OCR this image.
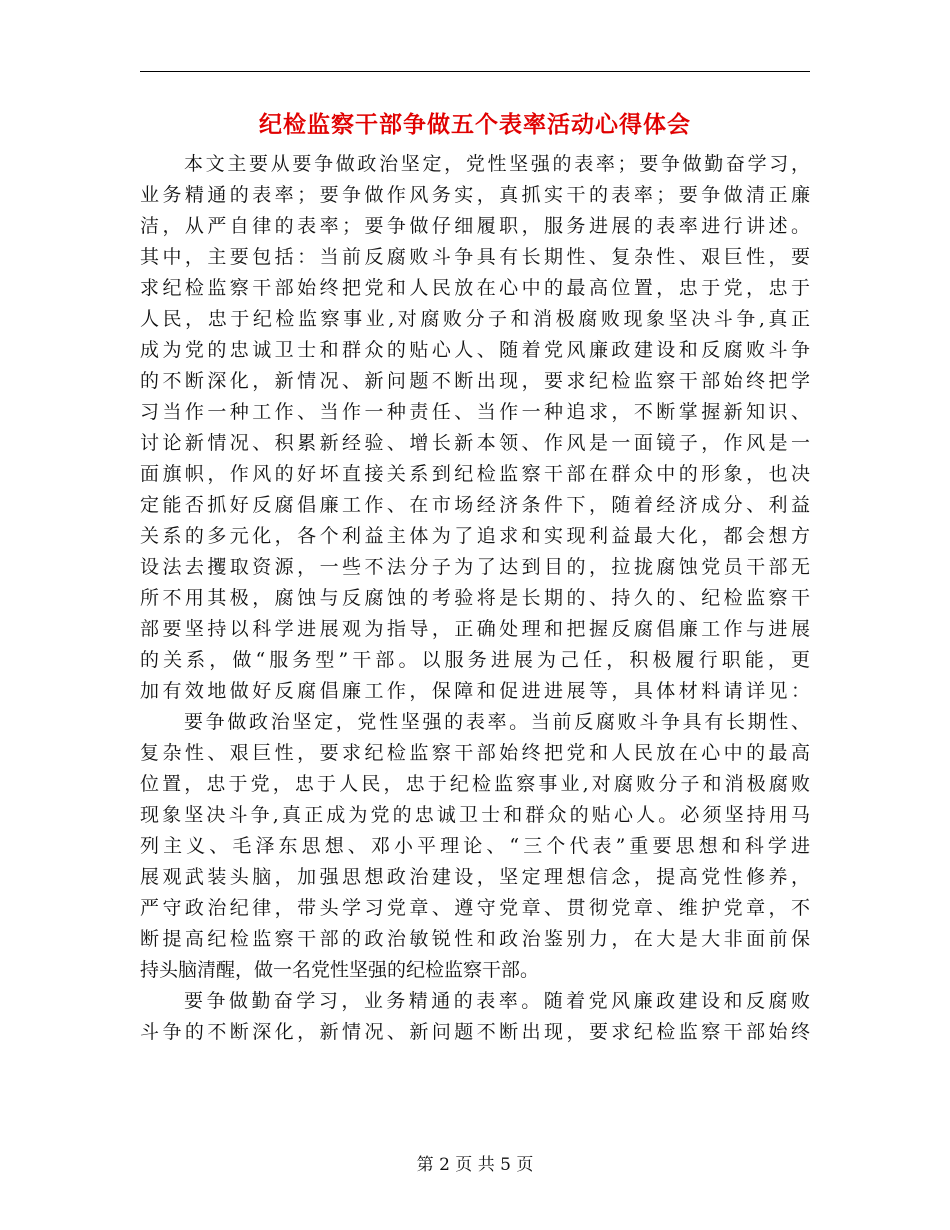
纪检监察干部争做五个表率活动心得体会
本文主要从要争做政治坚定，党性坚强的表率；要争做勤奋学习，
业务精通的表率；要争做作风务实，真抓实干的表率；要争做清正廉
洁，从严自律的表率；要争做仔细履职，服务进展的表率进行讲述。
其中，主要包括：当前反腐败斗争具有长期性、复杂性、艰巨性，要
求纪检监察干部始终把党和人民放在心中的最高位置，忠于党，忠于
人民，忠于纪检监察事业,对腐败分子和消极腐败现象坚决斗争,真正
成为党的忠诚卫士和群众的贴心人、随着党风廉政建设和反腐败斗争
的不断深化，新情况、新问题不断出现，要求纪检监察干部始终把学
习当作一种工作、当作一种责任、当作一种追求，不断掌握新知识、
讨论新情况、积累新经验、增长新本领、作风是一面镜子，作风是一
面旗帜，作风的好坏直接关系到纪检监察干部在群众中的形象，也决
定能否抓好反腐倡廉工作、在市场经济条件下，随着经济成分、利益
关系的多元化，各个利益主体为了追求和实现利益最大化，都会想方
设法去攫取资源，一些不法分子为了达到目的，拉拢腐蚀党员干部无
所不用其极，腐蚀与反腐蚀的考验将是长期的、持久的、纪检监察干
部要坚持以科学进展观为指导，正确处理和把握反腐倡廉工作与进展
的关系，做“服务型”干部。以服务进展为己任，积极履行职能，更
加有效地做好反腐倡廉工作，保障和促进进展等，具体材料请详见：
要争做政治坚定，党性坚强的表率。当前反腐败斗争具有长期性、
复杂性、艰巨性，要求纪检监察干部始终把党和人民放在心中的最高
位置，忠于党，忠于人民，忠于纪检监察事业,对腐败分子和消极腐败
现象坚决斗争,真正成为党的忠诚卫士和群众的贴心人。必须坚持用马
列主义、毛泽东思想、邓小平理论、“三个代表”重要思想和科学进
展观武装头脑，加强思想政治建设，坚定理想信念，提高党性修养，
严守政治纪律，带头学习党章、遵守党章、贯彻党章、维护党章，不
断提高纪检监察干部的政治敏锐性和政治鉴别力，在大是大非面前保
持头脑清醒，做一名党性坚强的纪检监察干部。
要争做勤奋学习，业务精通的表率。随着党风廉政建设和反腐败
斗争的不断深化，新情况、新问题不断出现，要求纪检监察干部始终
第 2 页 共 5 页
